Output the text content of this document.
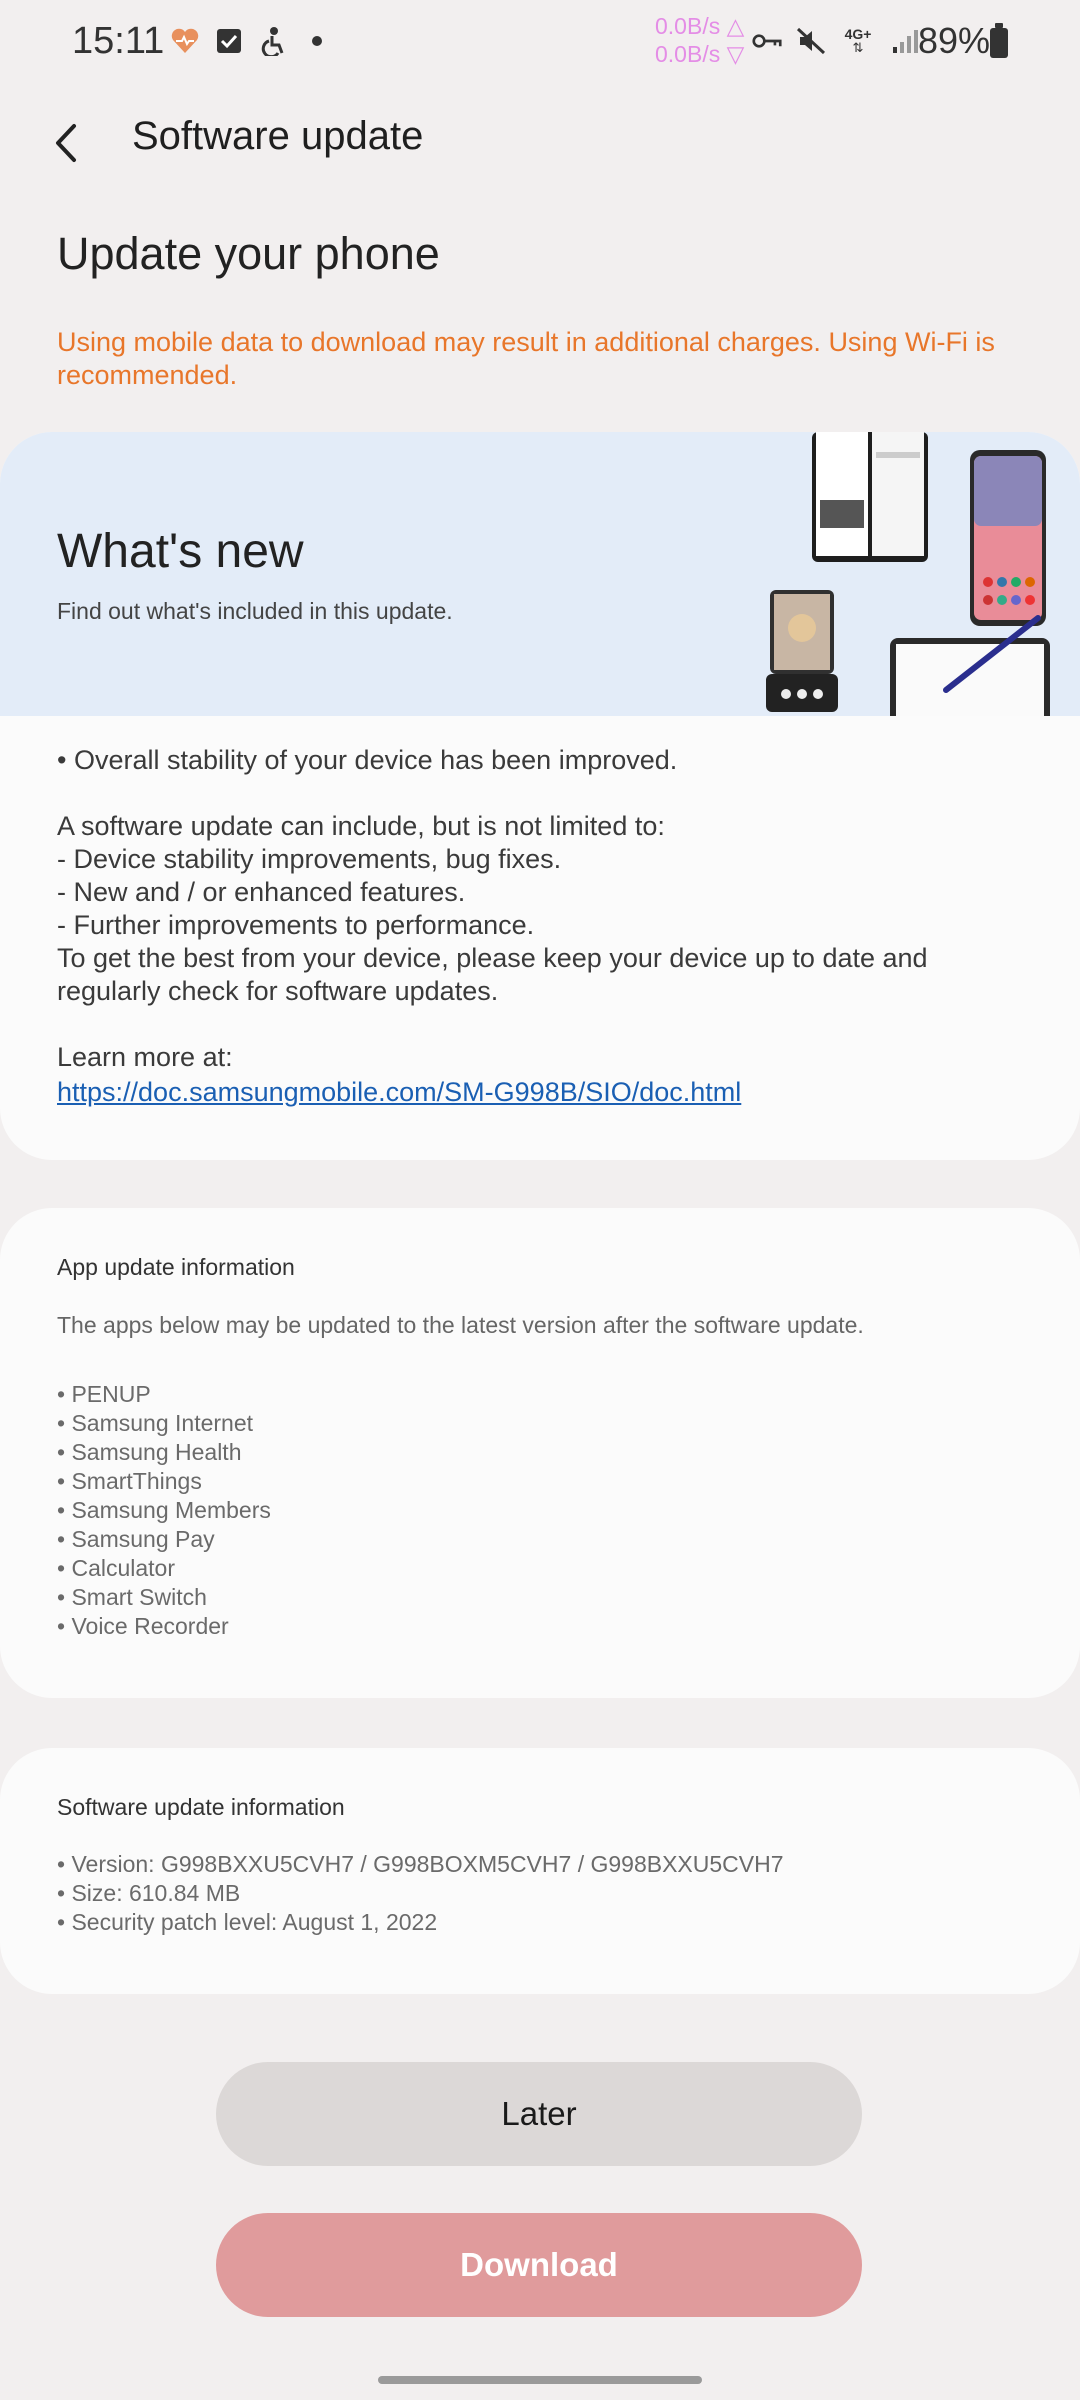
15:11	0.0B/s △
0.0B/s ▽
4G+
⇅ 89%
Software update
Update your phone
Using mobile data to download may result in additional charges. Using Wi-Fi is recommended.
What's new
Find out what's included in this update.
• Overall stability of your device has been improved.

A software update can include, but is not limited to:
- Device stability improvements, bug fixes.
- New and / or enhanced features.
- Further improvements to performance.
To get the best from your device, please keep your device up to date and regularly check for software updates.

Learn more at:
https://doc.samsungmobile.com/SM-G998B/SIO/doc.html
App update information
The apps below may be updated to the latest version after the software update.
• PENUP
• Samsung Internet
• Samsung Health
• SmartThings
• Samsung Members
• Samsung Pay
• Calculator
• Smart Switch
• Voice Recorder
Software update information
• Version: G998BXXU5CVH7 / G998BOXM5CVH7 / G998BXXU5CVH7
• Size: 610.84 MB
• Security patch level: August 1, 2022
Later
Download
